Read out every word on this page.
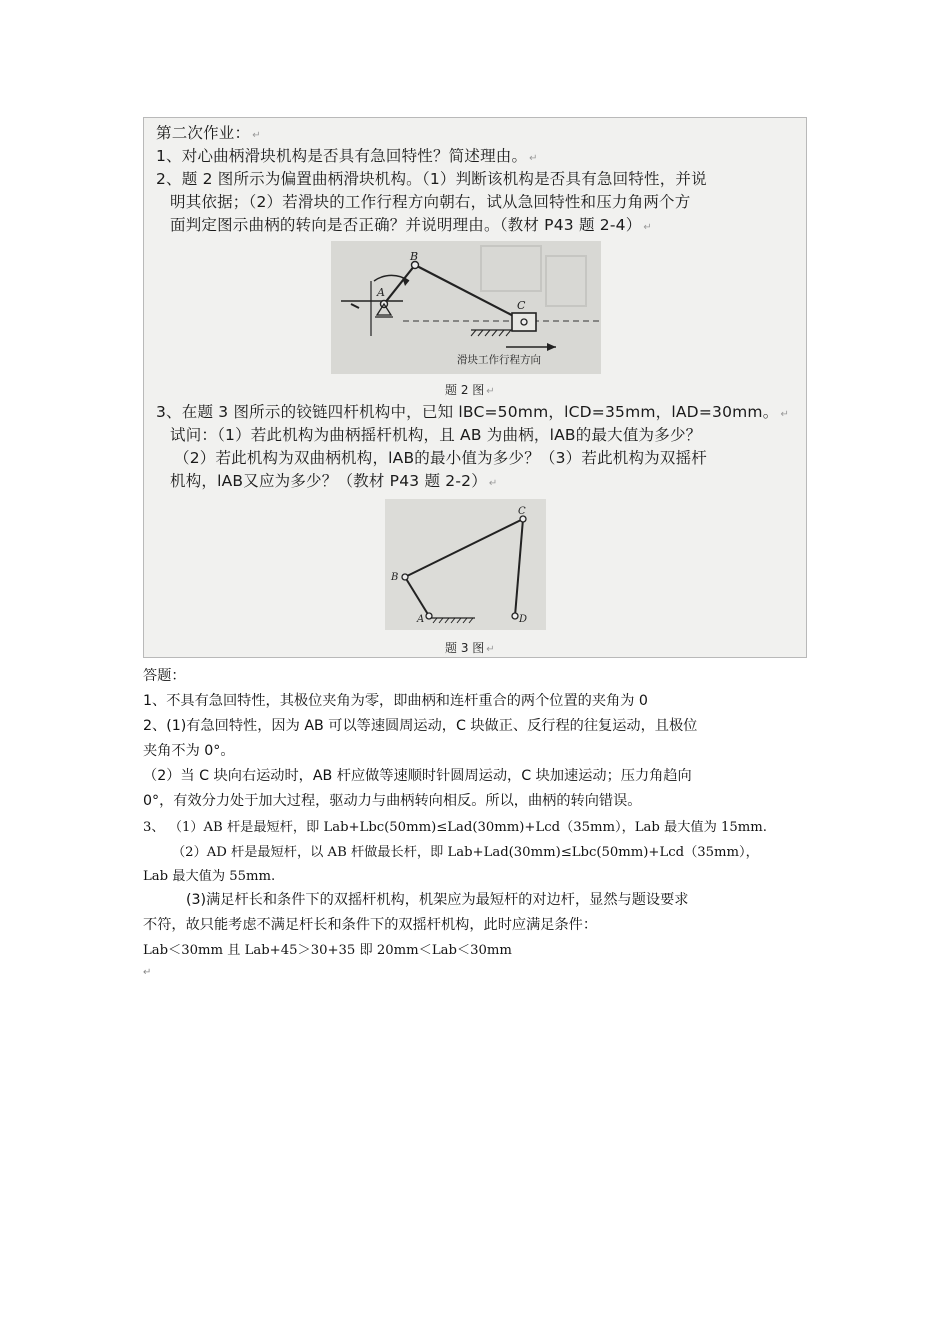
第二次作业： ↵
1、对心曲柄滑块机构是否具有急回特性？简述理由。 ↵
2、题 2 图所示为偏置曲柄滑块机构。（1）判断该机构是否具有急回特性，并说
明其依据；（2）若滑块的工作行程方向朝右，试从急回特性和压力角两个方
面判定图示曲柄的转向是否正确？并说明理由。（教材 P43 题 2-4） ↵
B
A
C
滑块工作行程方向
题 2 图 ↵
3、在题 3 图所示的铰链四杆机构中，已知 lBC=50mm，lCD=35mm，lAD=30mm。 ↵
试问：（1）若此机构为曲柄摇杆机构，且 AB 为曲柄，lAB的最大值为多少？
（2）若此机构为双曲柄机构，lAB的最小值为多少？（3）若此机构为双摇杆
机构，lAB又应为多少？（教材 P43 题 2-2） ↵
C
B
A	D
题 3 图 ↵
答题：
1、不具有急回特性，其极位夹角为零，即曲柄和连杆重合的两个位置的夹角为 0
2、(1)有急回特性，因为 AB 可以等速圆周运动，C 块做正、反行程的往复运动，且极位
夹角不为 0°。
（2）当 C 块向右运动时，AB 杆应做等速顺时针圆周运动，C 块加速运动；压力角趋向
0°，有效分力处于加大过程，驱动力与曲柄转向相反。所以，曲柄的转向错误。
3、 （1）AB 杆是最短杆，即 Lab+Lbc(50mm)≤Lad(30mm)+Lcd（35mm），Lab 最大值为 15mm.
（2）AD 杆是最短杆，以 AB 杆做最长杆，即 Lab+Lad(30mm)≤Lbc(50mm)+Lcd（35mm），
Lab 最大值为 55mm.
(3)满足杆长和条件下的双摇杆机构，机架应为最短杆的对边杆，显然与题设要求
不符，故只能考虑不满足杆长和条件下的双摇杆机构，此时应满足条件：
Lab＜30mm 且 Lab+45＞30+35 即 20mm＜Lab＜30mm
↵
